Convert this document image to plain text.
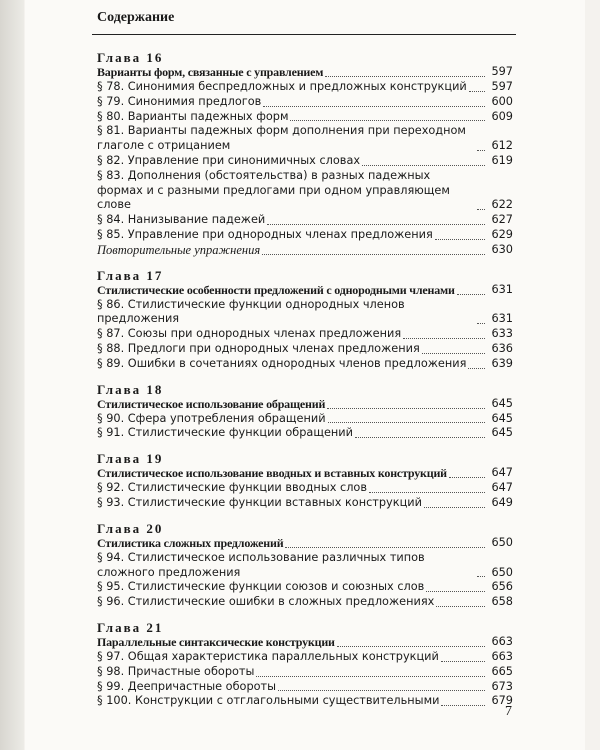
Содержание
Глава 16
Варианты форм, связанные с управлением	597
§ 78. Синонимия беспредложных и предложных конструкций 597
§ 79. Синонимия предлогов	600
§ 80. Варианты падежных форм	609
§ 81. Варианты падежных форм дополнения при переходном глаголе с отрицанием	612
§ 82. Управление при синонимичных словах	619
§ 83. Дополнения (обстоятельства) в разных падежных формах и с разными предлогами при одном управляющем слове	622
§ 84. Нанизывание падежей	627
§ 85. Управление при однородных членах предложения	629
Повторительные упражнения	630
Глава 17
Стилистические особенности предложений с однородными членами	631
§ 86. Стилистические функции однородных членов предложения	631
§ 87. Союзы при однородных членах предложения	633
§ 88. Предлоги при однородных членах предложения	636
§ 89. Ошибки в сочетаниях однородных членов предложения 639
Глава 18
Стилистическое использование обращений	645
§ 90. Сфера употребления обращений	645
§ 91. Стилистические функции обращений	645
Глава 19
Стилистическое использование вводных и вставных конструкций	647
§ 92. Стилистические функции вводных слов	647
§ 93. Стилистические функции вставных конструкций	649
Глава 20
Стилистика сложных предложений	650
§ 94. Стилистическое использование различных типов сложного предложения	650
§ 95. Стилистические функции союзов и союзных слов	656
§ 96. Стилистические ошибки в сложных предложениях	658
Глава 21
Параллельные синтаксические конструкции	663
§ 97. Общая характеристика параллельных конструкций	663
§ 98. Причастные обороты	665
§ 99. Деепричастные обороты	673
§ 100. Конструкции с отглагольными существительными	679
7
